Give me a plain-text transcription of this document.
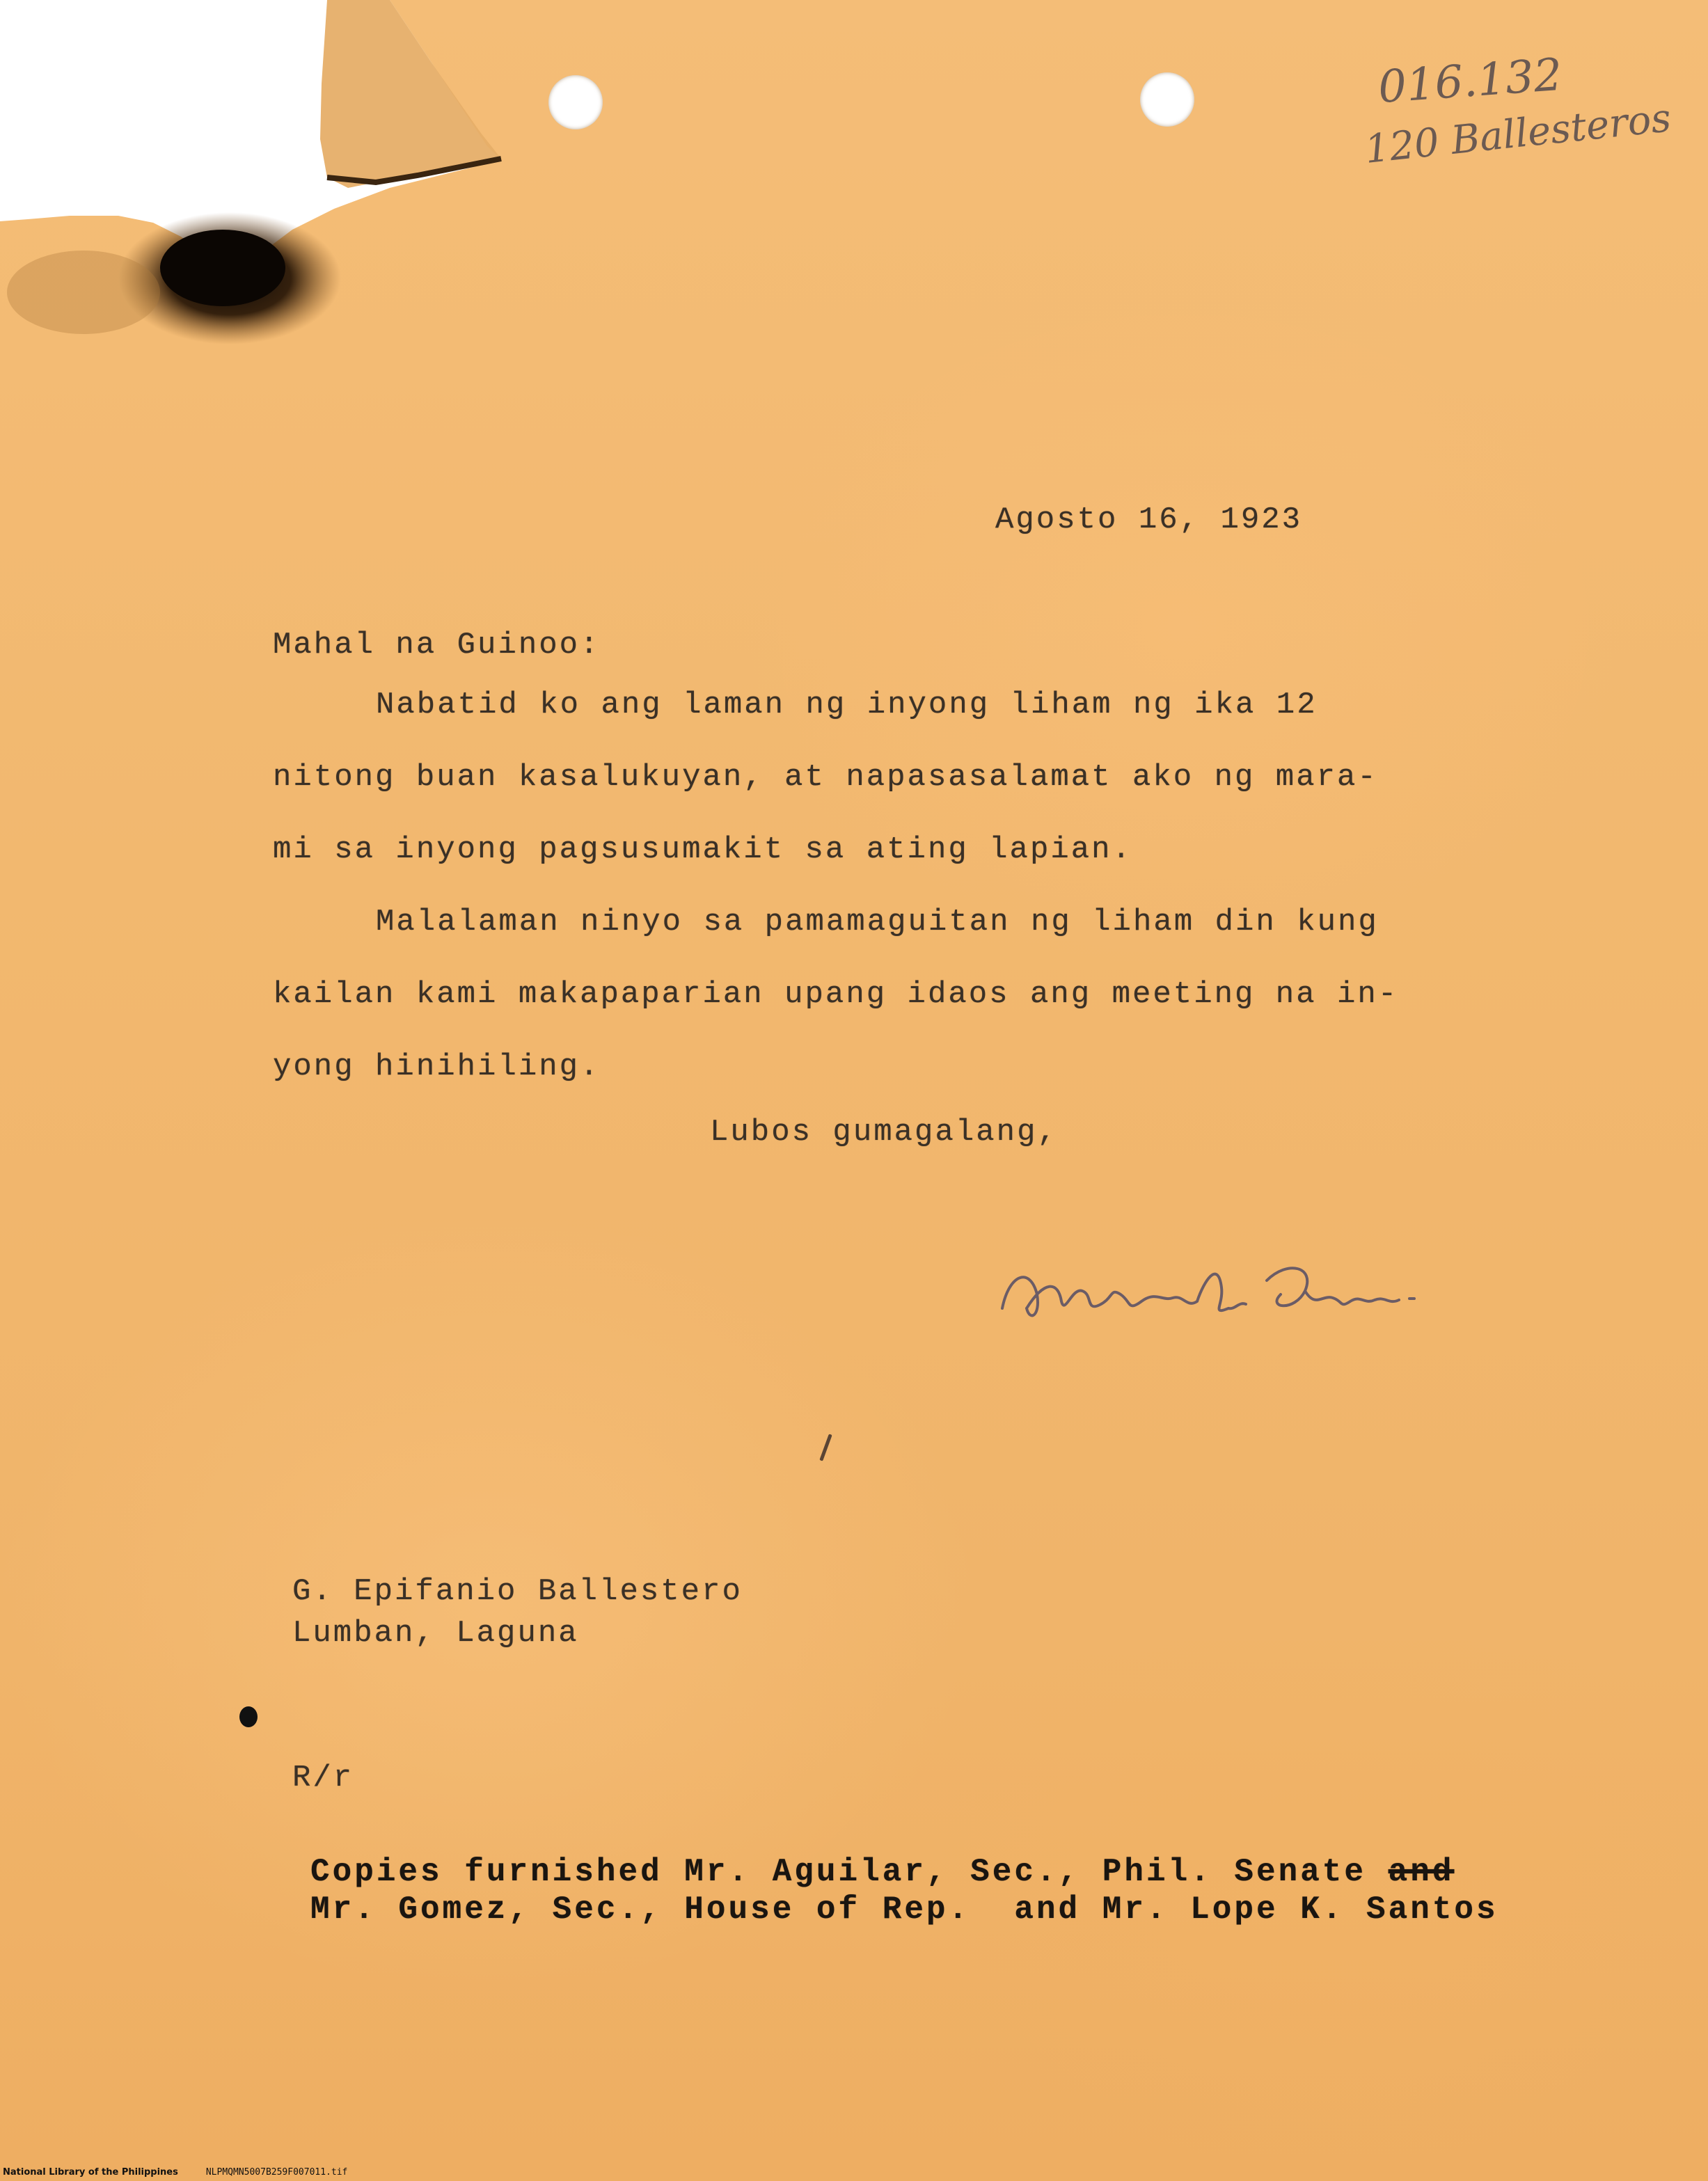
016.132
120 Ballesteros
Agosto 16, 1923
Mahal na Guinoo:
Nabatid ko ang laman ng inyong liham ng ika 12
nitong buan kasalukuyan, at napasasalamat ako ng mara-
mi sa inyong pagsusumakit sa ating lapian.
Malalaman ninyo sa pamamaguitan ng liham din kung
kailan kami makapaparian upang idaos ang meeting na in-
yong hinihiling.
Lubos gumagalang,
G. Epifanio Ballestero
Lumban, Laguna
R/r
Copies furnished Mr. Aguilar, Sec., Phil. Senate and
Mr. Gomez, Sec., House of Rep.  and Mr. Lope K. Santos
National Library of the Philippines	NLPMQMN5007B259F007011.tif
